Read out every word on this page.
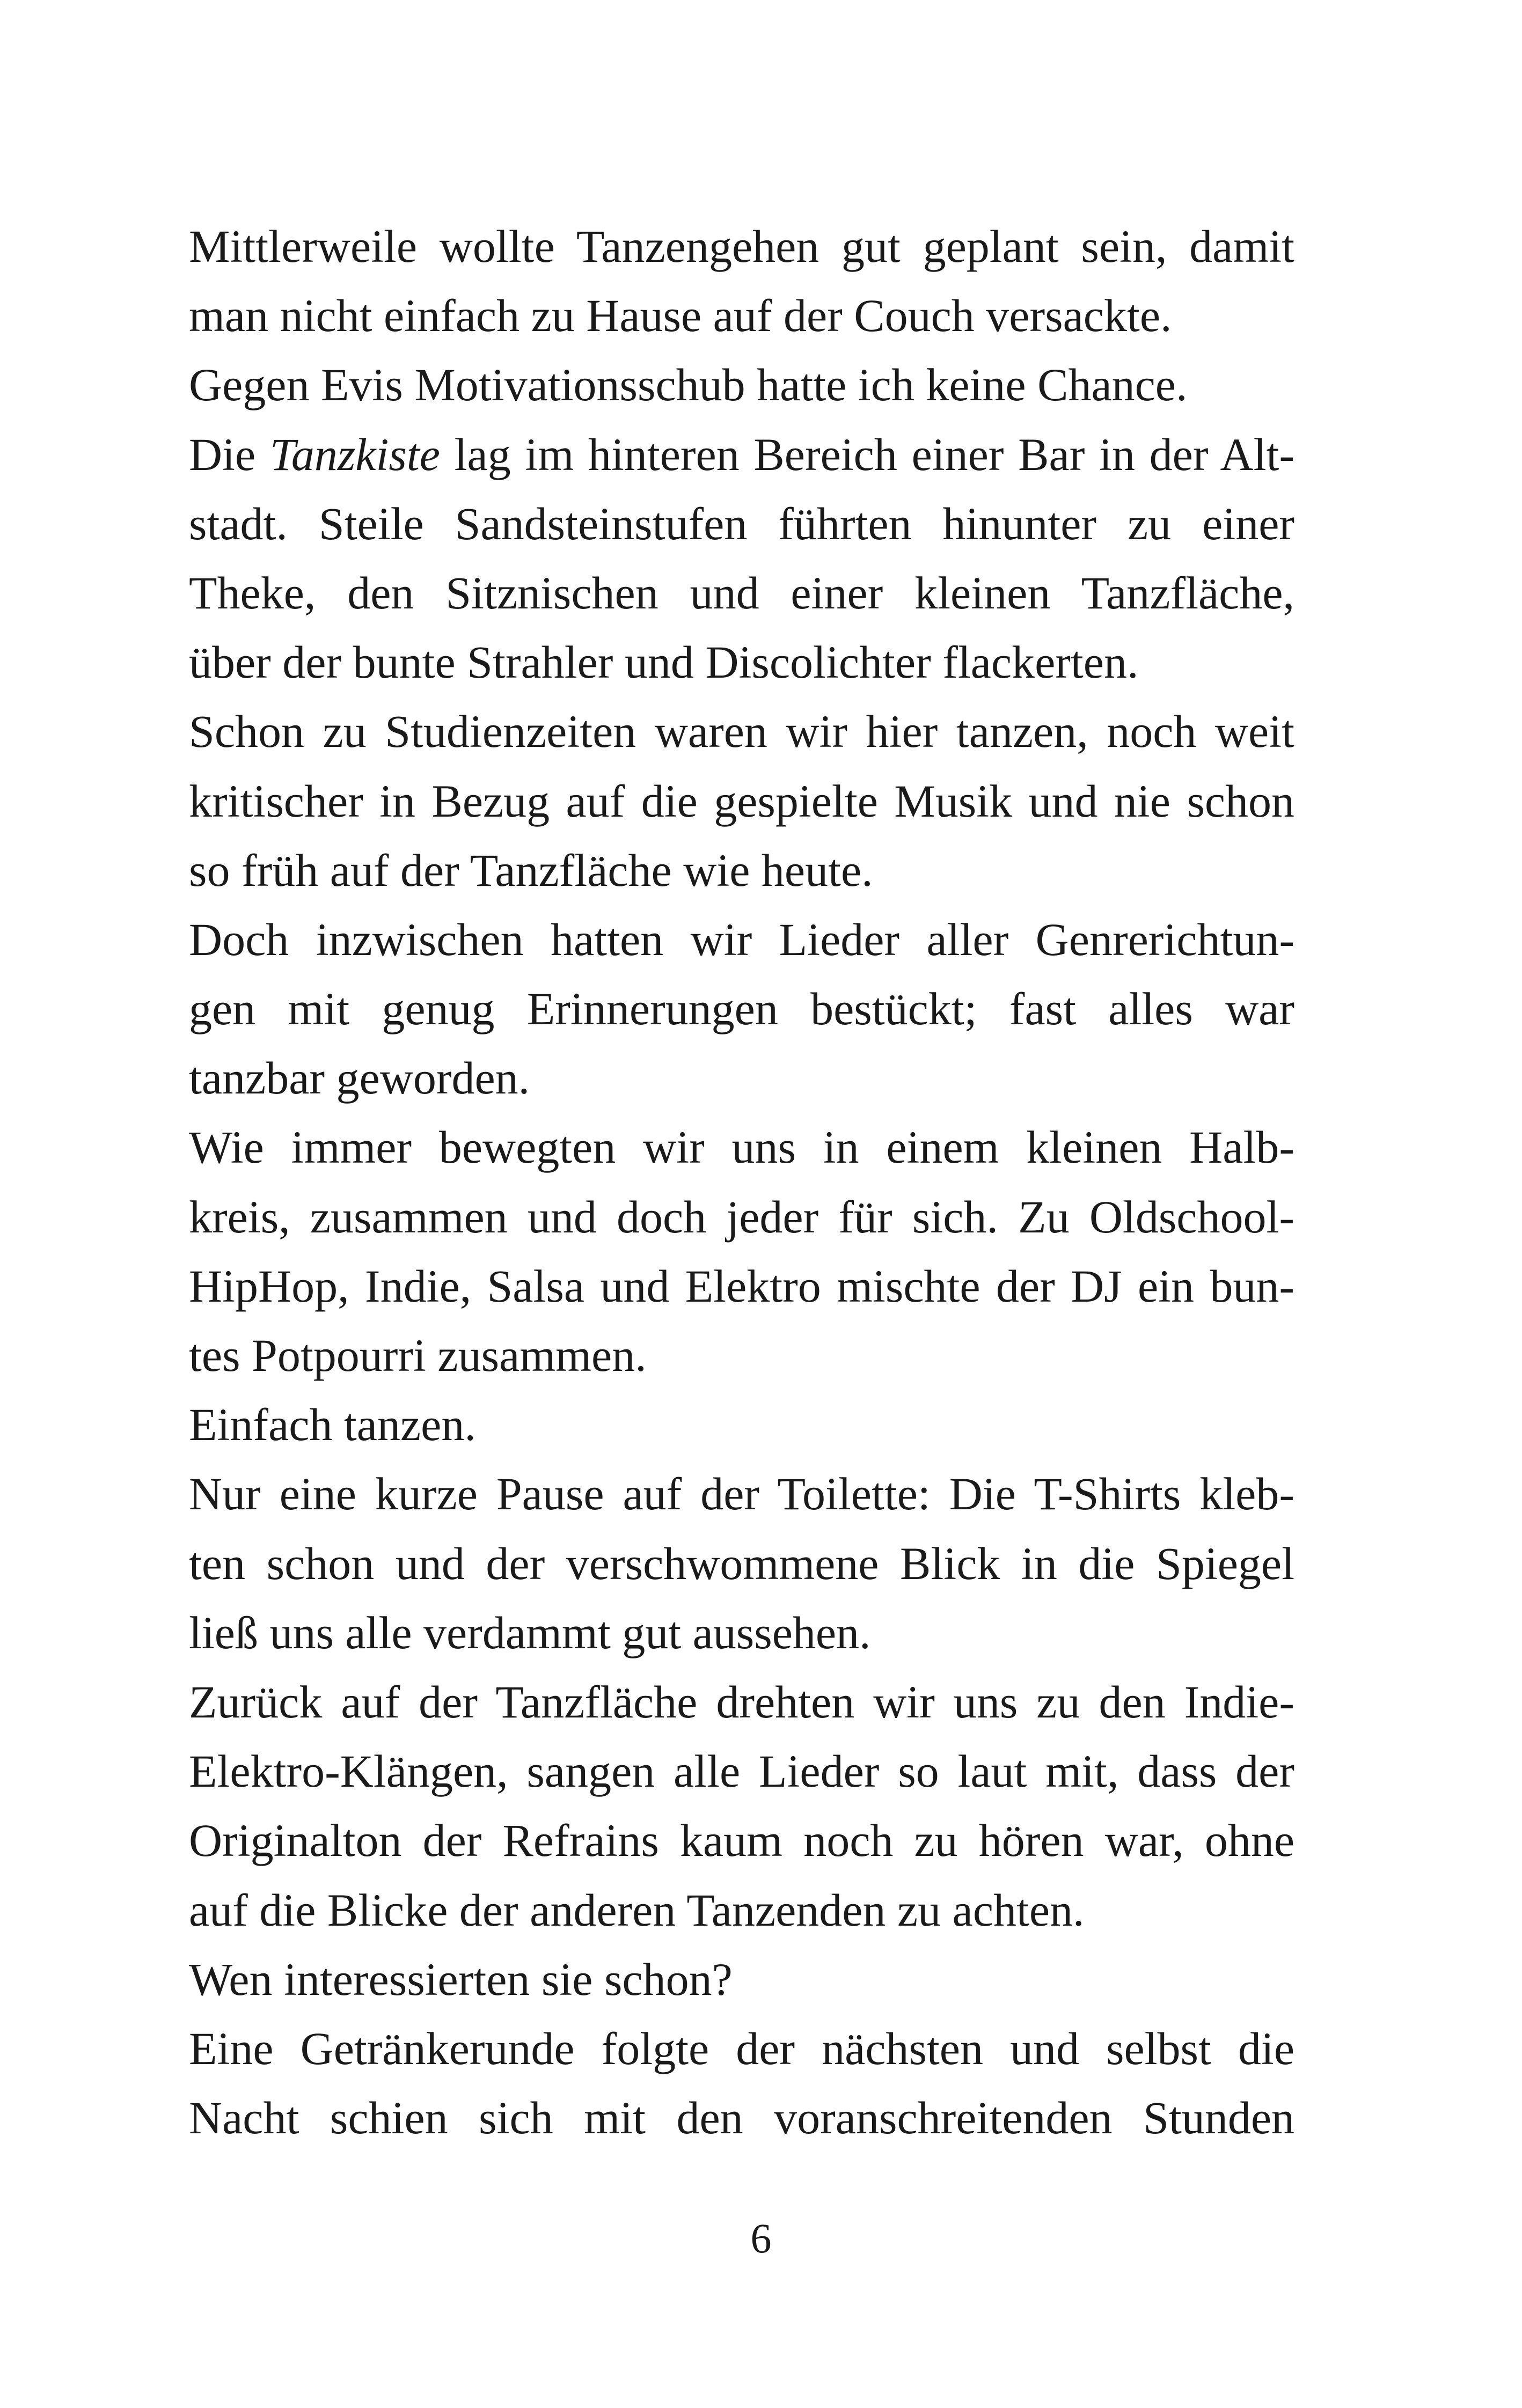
Mittlerweile wollte Tanzengehen gut geplant sein, damit
man nicht einfach zu Hause auf der Couch versackte.
Gegen Evis Motivationsschub hatte ich keine Chance.
Die Tanzkiste lag im hinteren Bereich einer Bar in der Alt-
stadt. Steile Sandsteinstufen führten hinunter zu einer
Theke, den Sitznischen und einer kleinen Tanzfläche,
über der bunte Strahler und Discolichter flackerten.
Schon zu Studienzeiten waren wir hier tanzen, noch weit
kritischer in Bezug auf die gespielte Musik und nie schon
so früh auf der Tanzfläche wie heute.
Doch inzwischen hatten wir Lieder aller Genrerichtun-
gen mit genug Erinnerungen bestückt; fast alles war
tanzbar geworden.
Wie immer bewegten wir uns in einem kleinen Halb-
kreis, zusammen und doch jeder für sich. Zu Oldschool-
HipHop, Indie, Salsa und Elektro mischte der DJ ein bun-
tes Potpourri zusammen.
Einfach tanzen.
Nur eine kurze Pause auf der Toilette: Die T-Shirts kleb-
ten schon und der verschwommene Blick in die Spiegel
ließ uns alle verdammt gut aussehen.
Zurück auf der Tanzfläche drehten wir uns zu den Indie-
Elektro-Klängen, sangen alle Lieder so laut mit, dass der
Originalton der Refrains kaum noch zu hören war, ohne
auf die Blicke der anderen Tanzenden zu achten.
Wen interessierten sie schon?
Eine Getränkerunde folgte der nächsten und selbst die
Nacht schien sich mit den voranschreitenden Stunden
6
